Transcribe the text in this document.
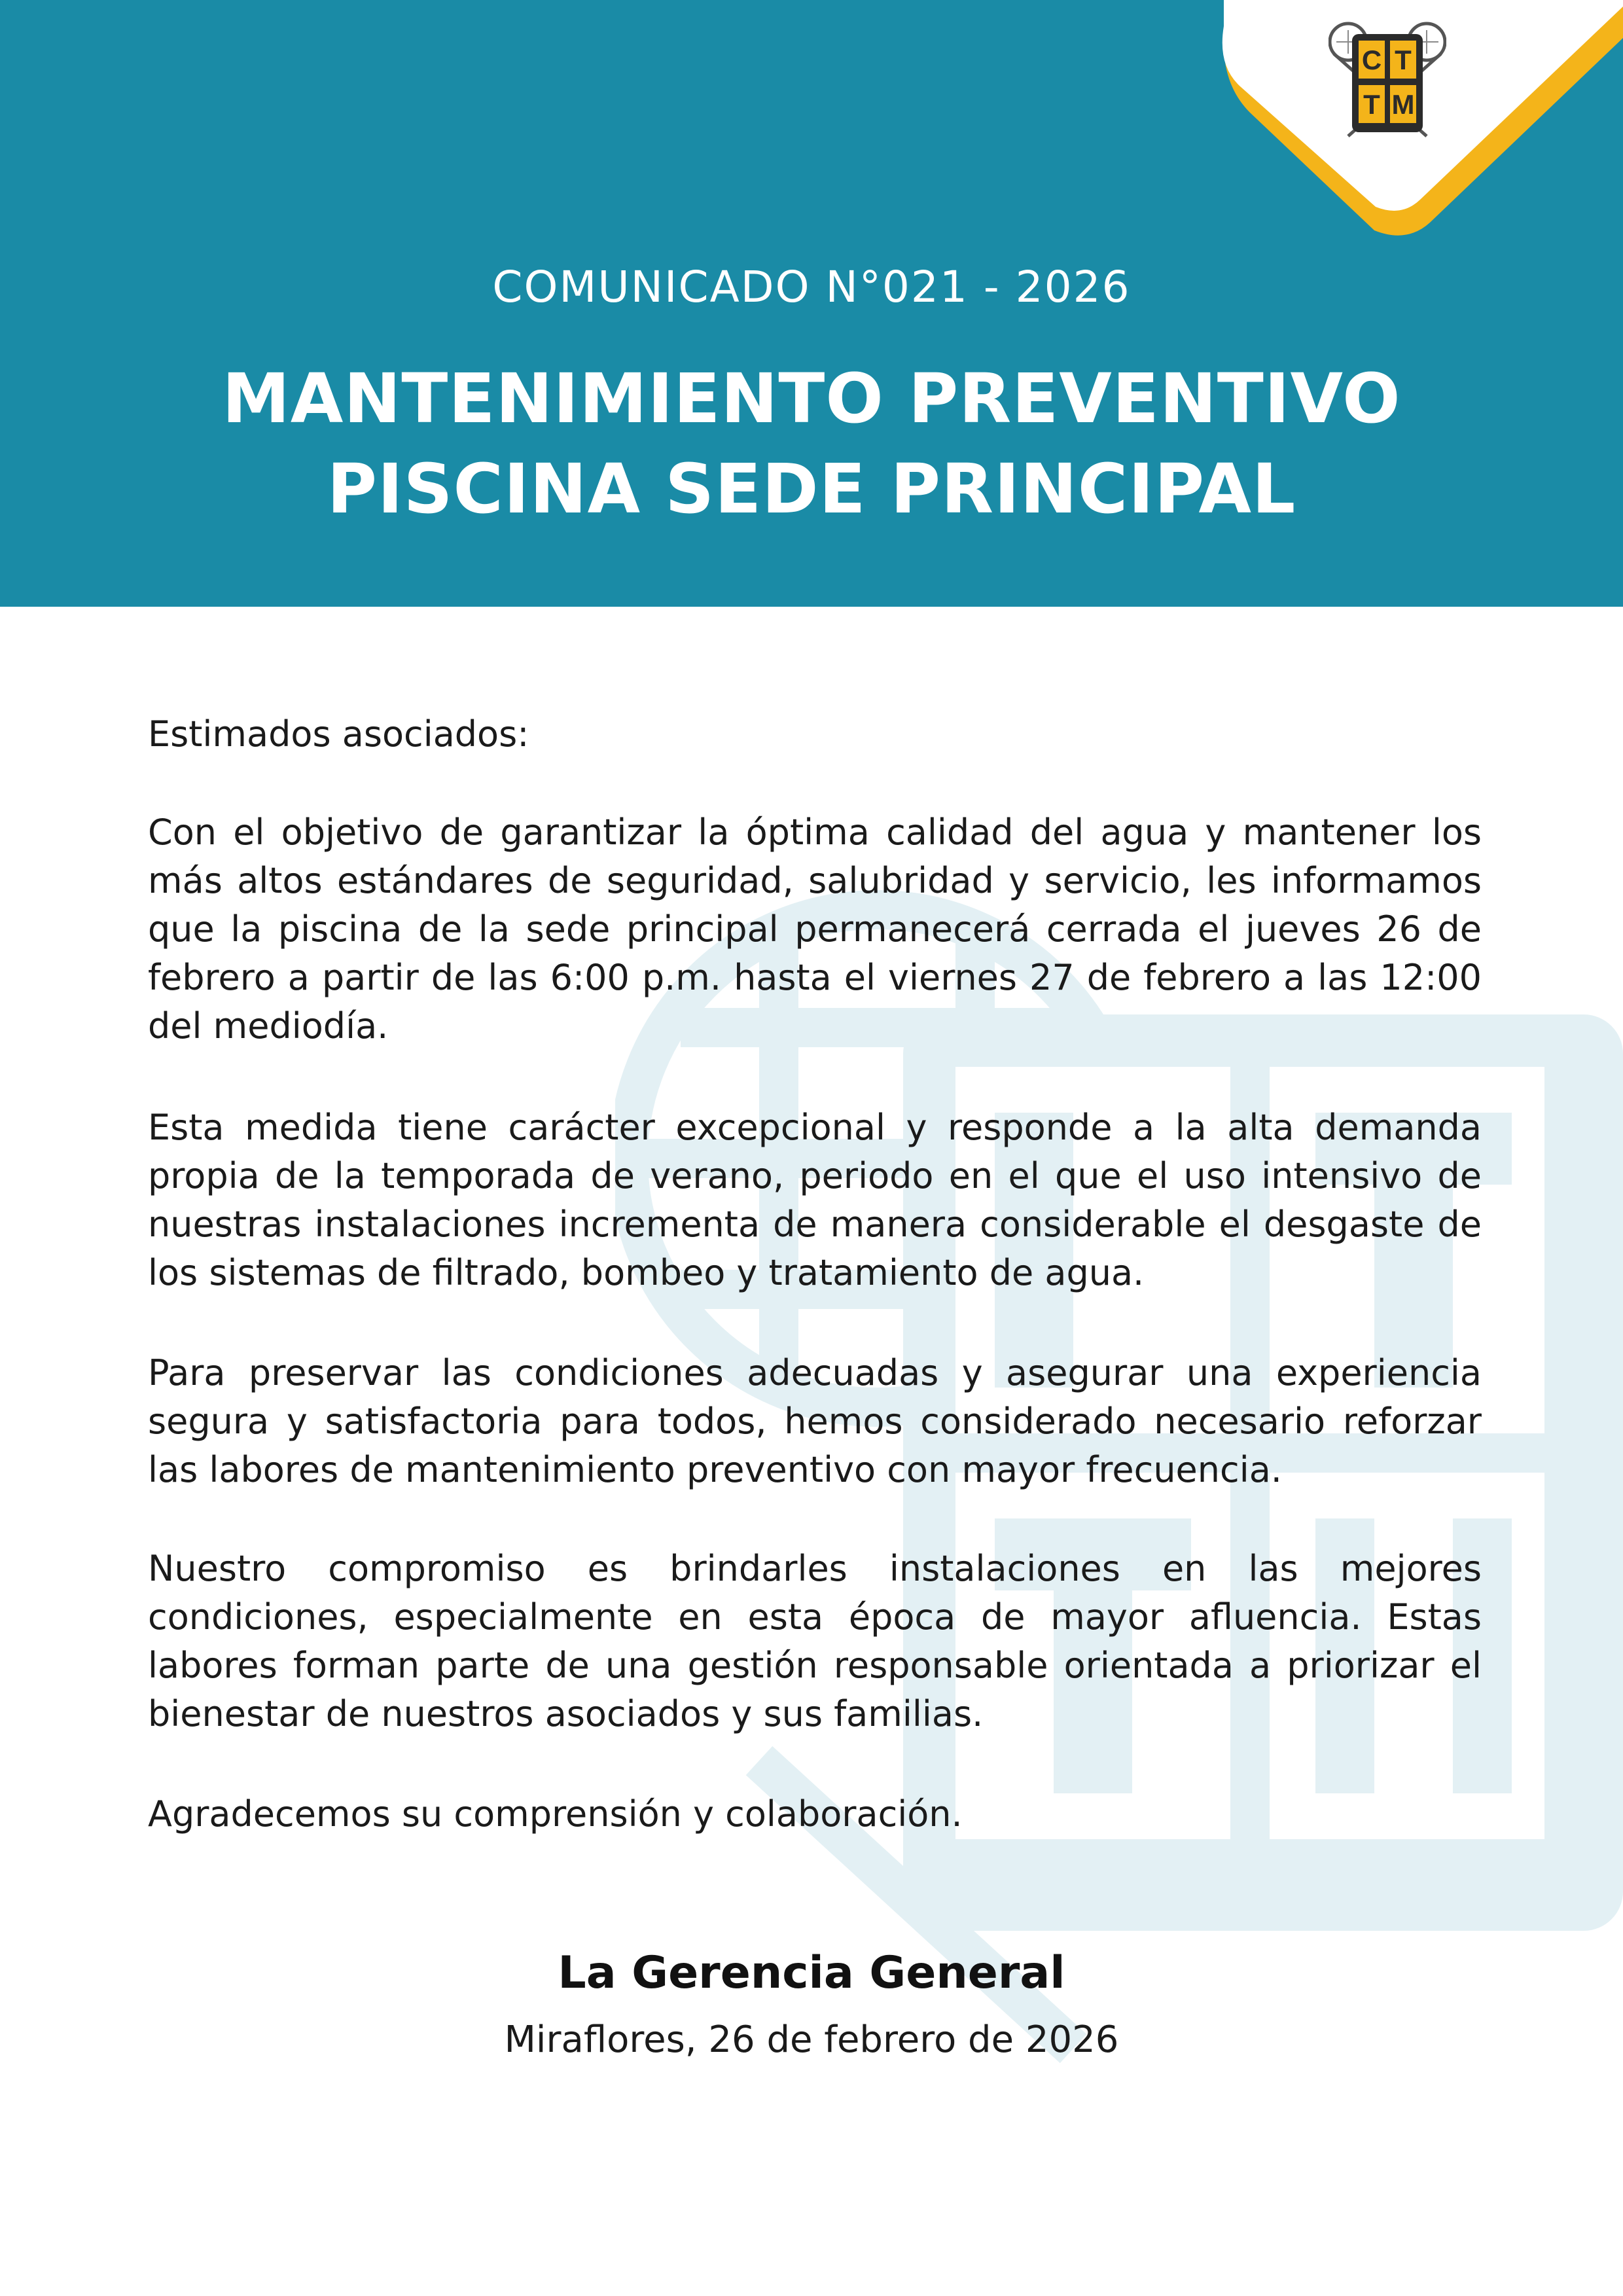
C T
T M
COMUNICADO N°021 - 2026
MANTENIMIENTO PREVENTIVO
PISCINA SEDE PRINCIPAL
Estimados asociados:
Con el objetivo de garantizar la óptima calidad del agua y mantener los más altos estándares de seguridad, salubridad y servicio, les informamos que la piscina de la sede principal permanecerá cerrada el jueves 26 de febrero a partir de las 6:00 p.m. hasta el viernes 27 de febrero a las 12:00 del mediodía.
Esta medida tiene carácter excepcional y responde a la alta demanda propia de la temporada de verano, periodo en el que el uso intensivo de nuestras instalaciones incrementa de manera considerable el desgaste de los sistemas de filtrado, bombeo y tratamiento de agua.
Para preservar las condiciones adecuadas y asegurar una experiencia segura y satisfactoria para todos, hemos considerado necesario reforzar las labores de mantenimiento preventivo con mayor frecuencia.
Nuestro compromiso es brindarles instalaciones en las mejores condiciones, especialmente en esta época de mayor afluencia. Estas labores forman parte de una gestión responsable orientada a priorizar el bienestar de nuestros asociados y sus familias.
Agradecemos su comprensión y colaboración.
La Gerencia General
Miraflores, 26 de febrero de 2026
